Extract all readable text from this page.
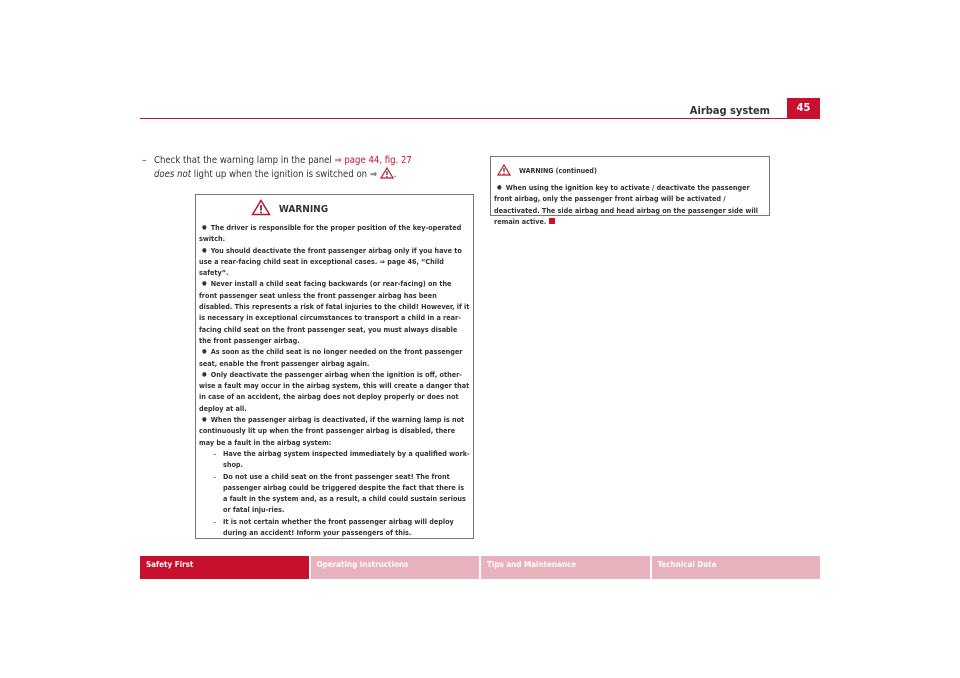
Airbag system	45
– Check that the warning lamp in the panel ⇒ page 44, fig. 27
does not light up when the ignition is switched on ⇒ .
WARNING

● The driver is responsible for the proper position of the key-operated switch.

● You should deactivate the front passenger airbag only if you have to use a rear-facing child seat in exceptional cases. ⇒ page 46, “Child safety”.

● Never install a child seat facing backwards (or rear-facing) on the front passenger seat unless the front passenger airbag has been disabled. This represents a risk of fatal injuries to the child! However, if it is necessary in exceptional circumstances to transport a child in a rear-facing child seat on the front passenger seat, you must always disable the front passenger airbag.

● As soon as the child seat is no longer needed on the front passenger seat, enable the front passenger airbag again.

● Only deactivate the passenger airbag when the ignition is off, other-wise a fault may occur in the airbag system, this will create a danger that in case of an accident, the airbag does not deploy properly or does not deploy at all.

● When the passenger airbag is deactivated, if the warning lamp is not continuously lit up when the front passenger airbag is disabled, there may be a fault in the airbag system:

– Have the airbag system inspected immediately by a qualified work-shop.
– Do not use a child seat on the front passenger seat! The front passenger airbag could be triggered despite the fact that there is a fault in the system and, as a result, a child could sustain serious or fatal inju-ries.
– It is not certain whether the front passenger airbag will deploy during an accident! Inform your passengers of this.
WARNING (continued)

● When using the ignition key to activate / deactivate the passenger front airbag, only the passenger front airbag will be activated / deactivated. The side airbag and head airbag on the passenger side will remain active.

Safety First	Operating instructions	Tips and Maintenance	Technical Data
